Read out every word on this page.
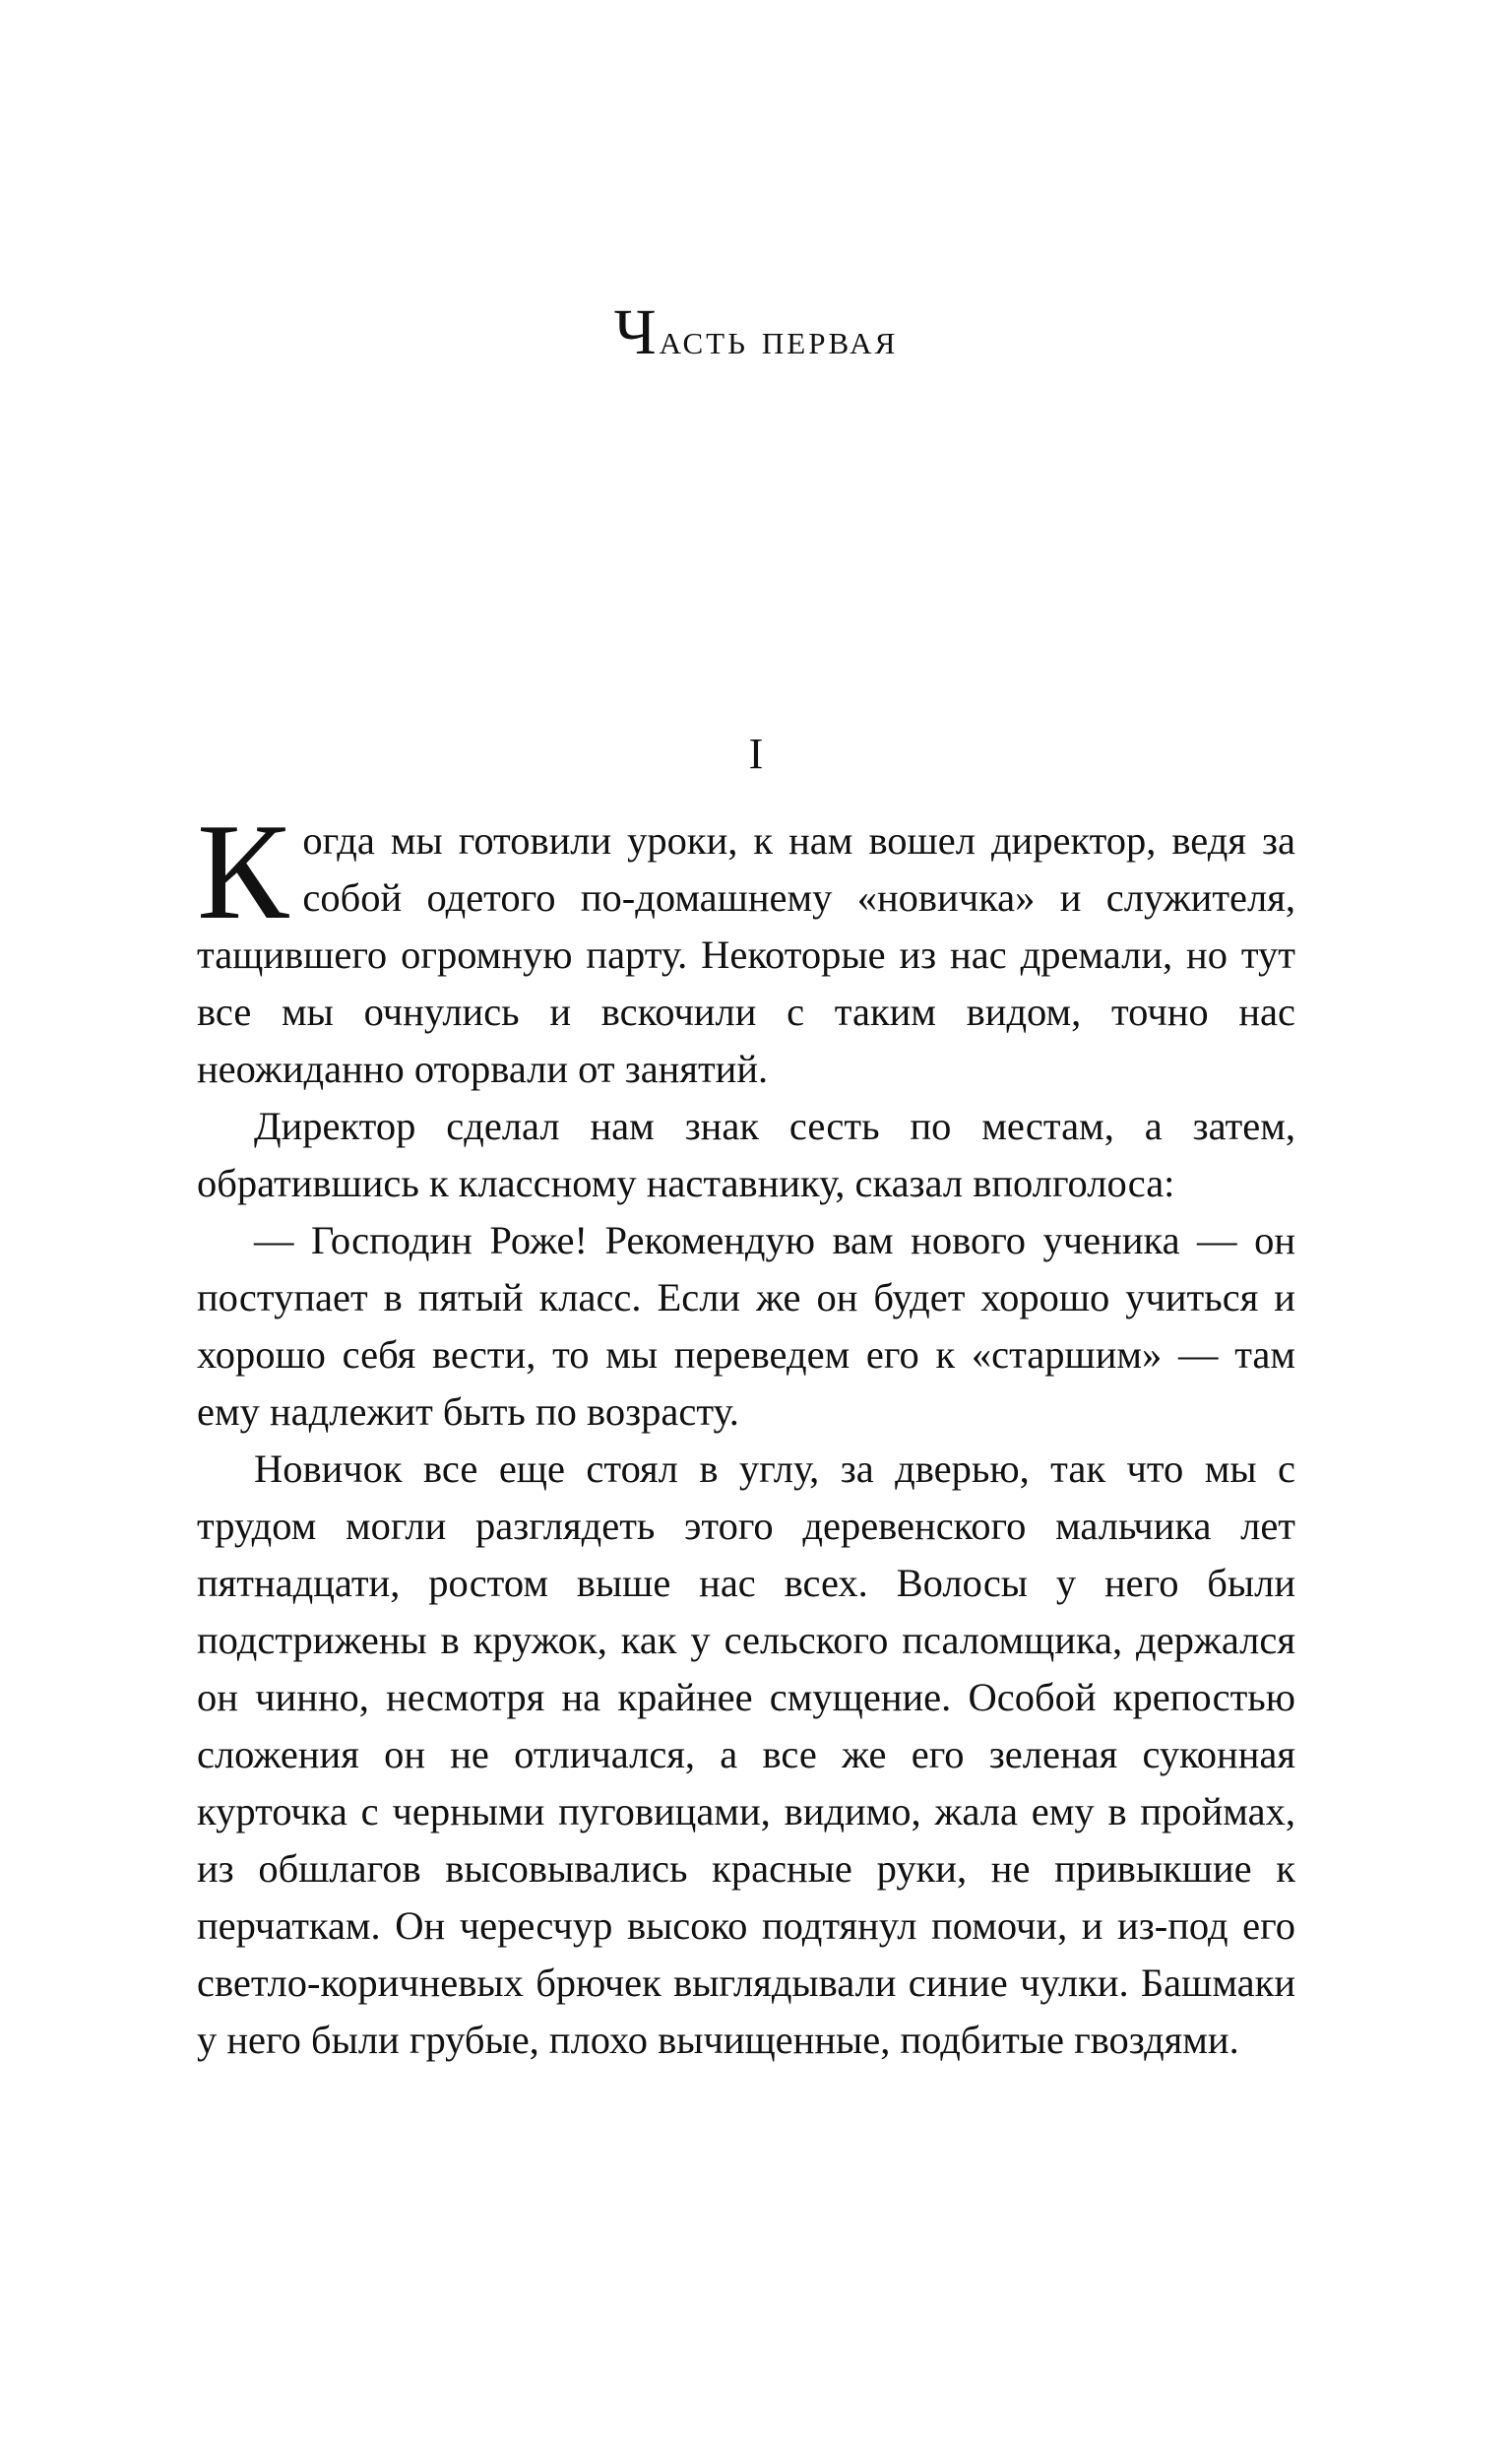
Часть первая
I

Когда мы готовили уроки, к нам вошел директор, ведя за собой одетого по-домашнему «новичка» и служителя, тащившего огромную парту. Некоторые из нас дремали, но тут все мы очнулись и вскочили с таким видом, точно нас неожиданно оторвали от занятий.

Директор сделал нам знак сесть по местам, а затем, обратившись к классному наставнику, сказал вполголоса:

— Господин Роже! Рекомендую вам нового ученика — он поступает в пятый класс. Если же он будет хорошо учиться и хорошо себя вести, то мы переведем его к «старшим» — там ему надлежит быть по возрасту.

Новичок все еще стоял в углу, за дверью, так что мы с трудом могли разглядеть этого деревенского мальчика лет пятнадцати, ростом выше нас всех. Волосы у него были подстрижены в кружок, как у сельского псаломщика, держался он чинно, несмотря на крайнее смущение. Особой крепостью сложения он не отличался, а все же его зеленая суконная курточка с черными пуговицами, видимо, жала ему в проймах, из обшлагов высовывались красные руки, не привыкшие к перчаткам. Он чересчур высоко подтянул помочи, и из-под его светло-коричневых брючек выглядывали синие чулки. Башмаки у него были грубые, плохо вычищенные, подбитые гвоздями.
